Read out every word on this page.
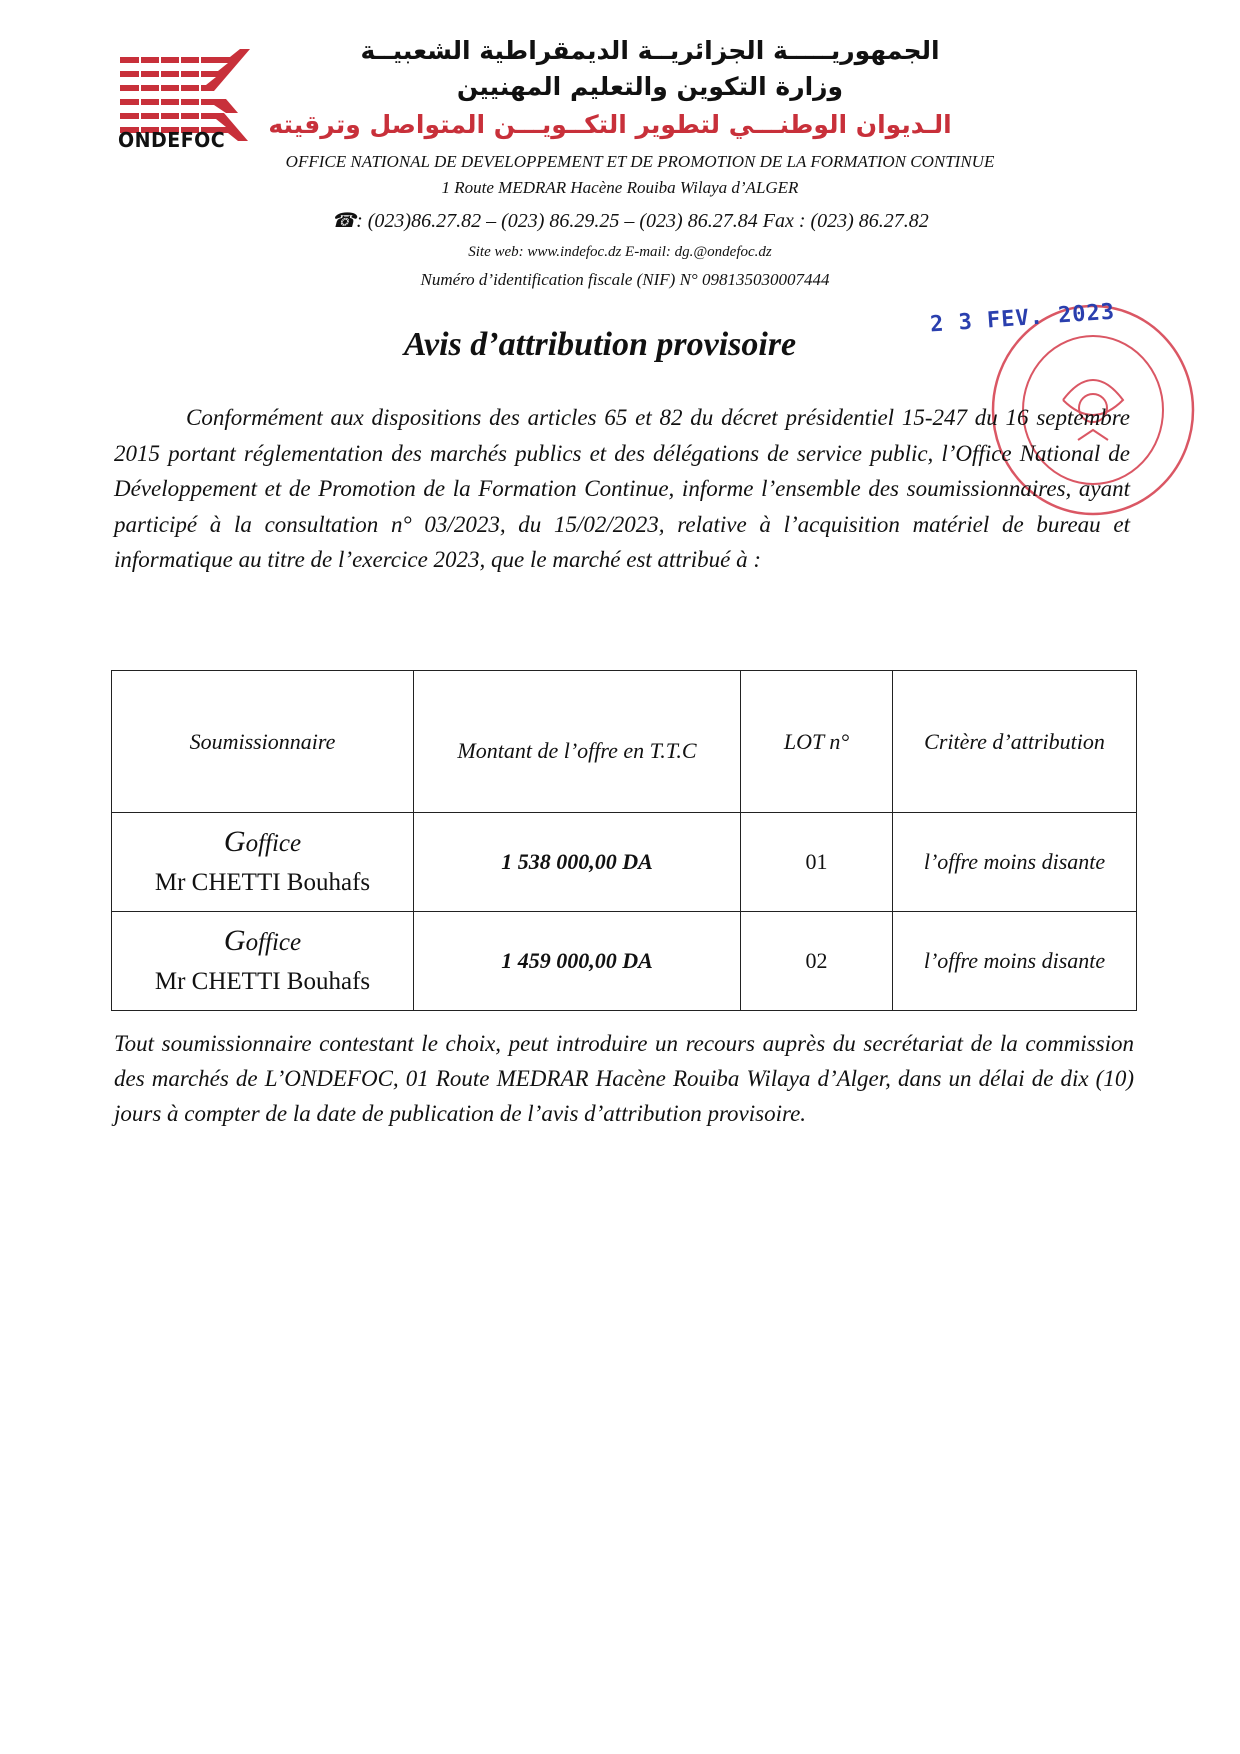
ONDEFOC
الجمهوريـــــة الجزائريــة الديمقراطية الشعبيــة
وزارة التكوين والتعليم المهنيين
الـديوان الوطنـــي لتطوير التكــويـــن المتواصل وترقيته
OFFICE NATIONAL DE DEVELOPPEMENT ET DE PROMOTION DE LA FORMATION CONTINUE
1 Route MEDRAR Hacène Rouiba Wilaya d’ALGER
☎: (023)86.27.82 – (023) 86.29.25 – (023) 86.27.84 Fax : (023) 86.27.82
Site web: www.indefoc.dz E-mail: dg.@ondefoc.dz
Numéro d’identification fiscale (NIF) N° 098135030007444
2 3 FEV. 2023
Avis d’attribution provisoire
Conformément aux dispositions des articles 65 et 82 du décret présidentiel 15-247 du 16 septembre 2015 portant réglementation des marchés publics et des délégations de service public, l’Office National de Développement et de Promotion de la Formation Continue, informe l’ensemble des soumissionnaires, ayant participé à la consultation n° 03/2023, du 15/02/2023, relative à l’acquisition matériel de bureau et informatique au titre de l’exercice 2023, que le marché est attribué à :
Soumissionnaire	Montant de l’offre en T.T.C	LOT n°	Critère d’attribution

Goffice
Mr CHETTI Bouhafs	1 538 000,00 DA	01	l’offre moins disante

Goffice
Mr CHETTI Bouhafs	1 459 000,00 DA	02	l’offre moins disante
Tout soumissionnaire contestant le choix, peut introduire un recours auprès du secrétariat de la commission des marchés de L’ONDEFOC, 01 Route MEDRAR Hacène Rouiba Wilaya d’Alger, dans un délai de dix (10) jours à compter de la date de publication de l’avis d’attribution provisoire.
